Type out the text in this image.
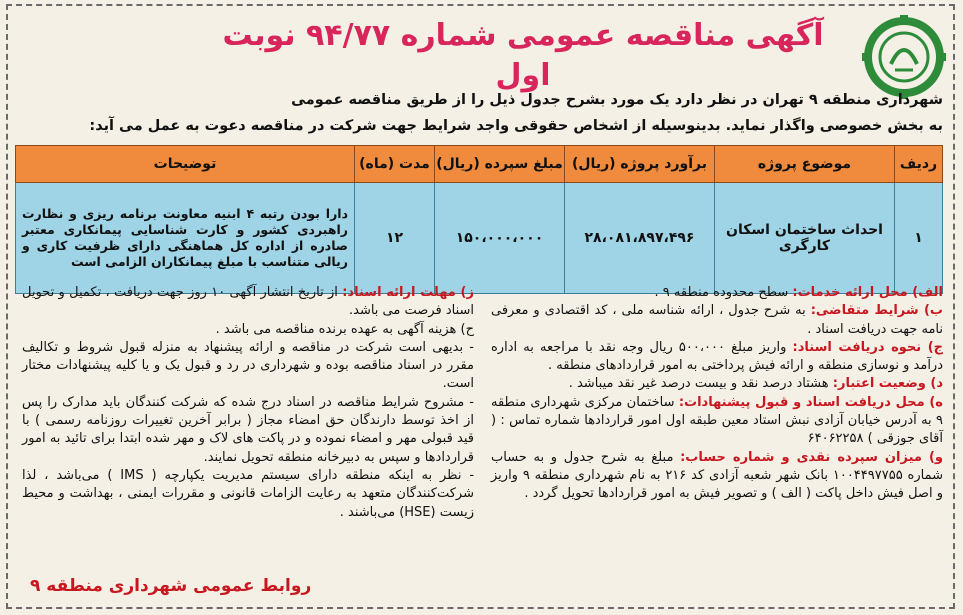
آگهی مناقصه عمومی شماره ۹۴/۷۷ نوبت اول
شهرداری منطقه ۹ تهران در نظر دارد یک مورد بشرح جدول ذیل را از طریق مناقصه عمومی
به بخش خصوصی واگذار نماید. بدینوسیله از اشخاص حقوقی واجد شرایط جهت شرکت در مناقصه دعوت به عمل می آید:
ردیف	موضوع پروژه	برآورد پروژه (ریال)	مبلغ سپرده (ریال)	مدت (ماه)	توضیحات
۱	احداث ساختمان اسکان کارگری	۲۸،۰۸۱،۸۹۷،۴۹۶	۱۵۰،۰۰۰،۰۰۰	۱۲	دارا بودن رتبه ۴ ابنیه معاونت برنامه ریزی و نظارت راهبردی کشور و کارت شناسایی پیمانکاری معتبر صادره از اداره کل هماهنگی دارای ظرفیت کاری و ریالی متناسب با مبلغ پیمانکاران الزامی است

الف) محل ارائه خدمات: سطح محدوده منطقه ۹ .

ب) شرایط متقاضی: به شرح جدول ، ارائه شناسه ملی ، کد اقتصادی و معرفی نامه جهت دریافت اسناد .

ج) نحوه دریافت اسناد: واریز مبلغ ۵۰۰،۰۰۰ ریال وجه نقد با مراجعه به اداره درآمد و نوسازی منطقه و ارائه فیش پرداختی به امور قراردادهای منطقه .

د) وضعیت اعتبار: هشتاد درصد نقد و بیست درصد غیر نقد میباشد .

ه) محل دریافت اسناد و قبول پیشنهادات: ساختمان مرکزی شهرداری منطقه ۹ به آدرس خیابان آزادی نبش استاد معین طبقه اول امور قراردادها شماره تماس : ( آقای جوزقی ) ۶۴۰۶۲۲۵۸

و) میزان سپرده نقدی و شماره حساب: مبلغ به شرح جدول و به حساب شماره ۱۰۰۴۴۹۷۷۵۵ بانک شهر شعبه آزادی کد ۲۱۶ به نام شهرداری منطقه ۹ واریز و اصل فیش داخل پاکت ( الف ) و تصویر فیش به امور قراردادها تحویل گردد .

ز) مهلت ارائه اسناد: از تاریخ انتشار آگهی ۱۰ روز جهت دریافت ، تکمیل و تحویل اسناد فرصت می باشد.

ح) هزینه آگهی به عهده برنده مناقصه می باشد .

- بدیهی است شرکت در مناقصه و ارائه پیشنهاد به منزله قبول شروط و تکالیف مقرر در اسناد مناقصه بوده و شهرداری در رد و قبول یک و یا کلیه پیشنهادات مختار است.

- مشروح شرایط مناقصه در اسناد درج شده که شرکت کنندگان باید مدارک را پس از اخذ توسط دارندگان حق امضاء مجاز ( برابر آخرین تغییرات روزنامه رسمی ) با قید قبولی مهر و امضاء نموده و در پاکت های لاک و مهر شده ابتدا برای تائید به امور قراردادها و سپس به دبیرخانه منطقه تحویل نمایند.

- نظر به اینکه منطقه دارای سیستم مدیریت یکپارچه ( IMS ) می‌باشد ، لذا شرکت‌کنندگان متعهد به رعایت الزامات قانونی و مقررات ایمنی ، بهداشت و محیط زیست (HSE) می‌باشند .

روابط عمومی شهرداری منطقه ۹
